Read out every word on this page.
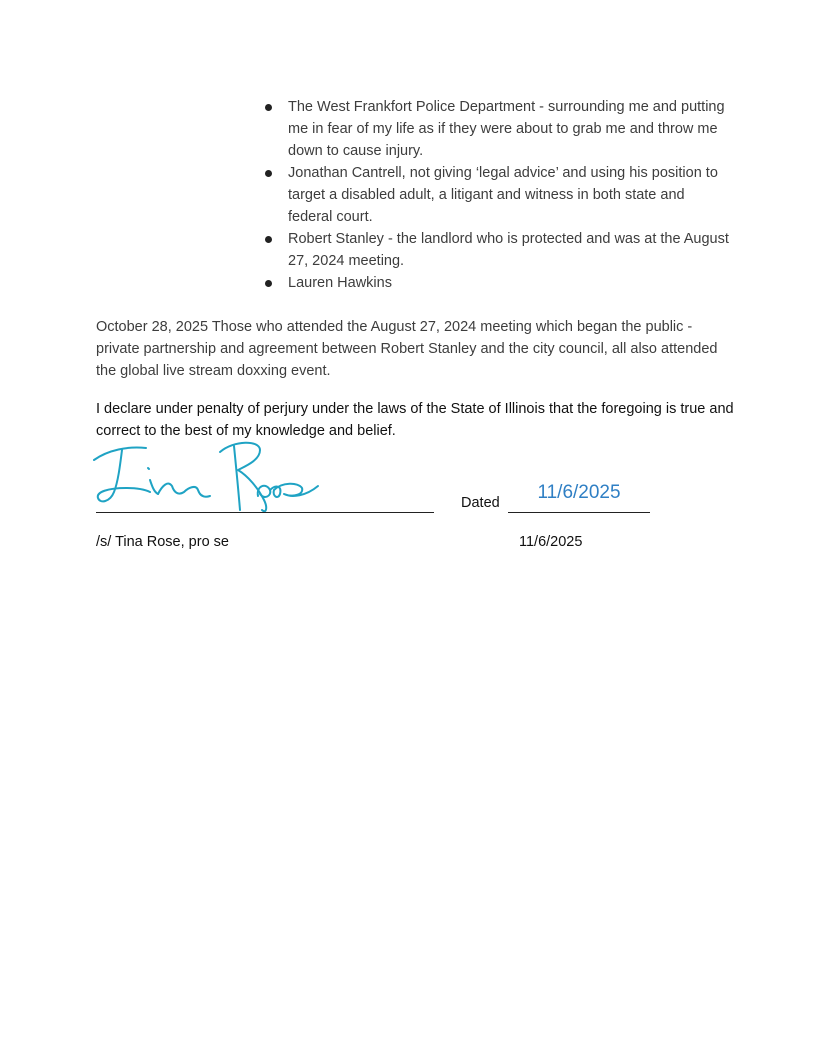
The West Frankfort Police Department - surrounding me and putting me in fear of my life as if they were about to grab me and throw me down to cause injury.
Jonathan Cantrell, not giving ‘legal advice’ and using his position to target a disabled adult, a litigant and witness in both state and federal court.
Robert Stanley - the landlord who is protected and was at the August 27, 2024 meeting.
Lauren Hawkins

October 28, 2025 Those who attended the August 27, 2024 meeting which began the public - private partnership and agreement between Robert Stanley and the city council, all also attended the global live stream doxxing event.

I declare under penalty of perjury under the laws of the State of Illinois that the foregoing is true and correct to the best of my knowledge and belief.

Dated	11/6/2025
/s/ Tina Rose, pro se	11/6/2025
